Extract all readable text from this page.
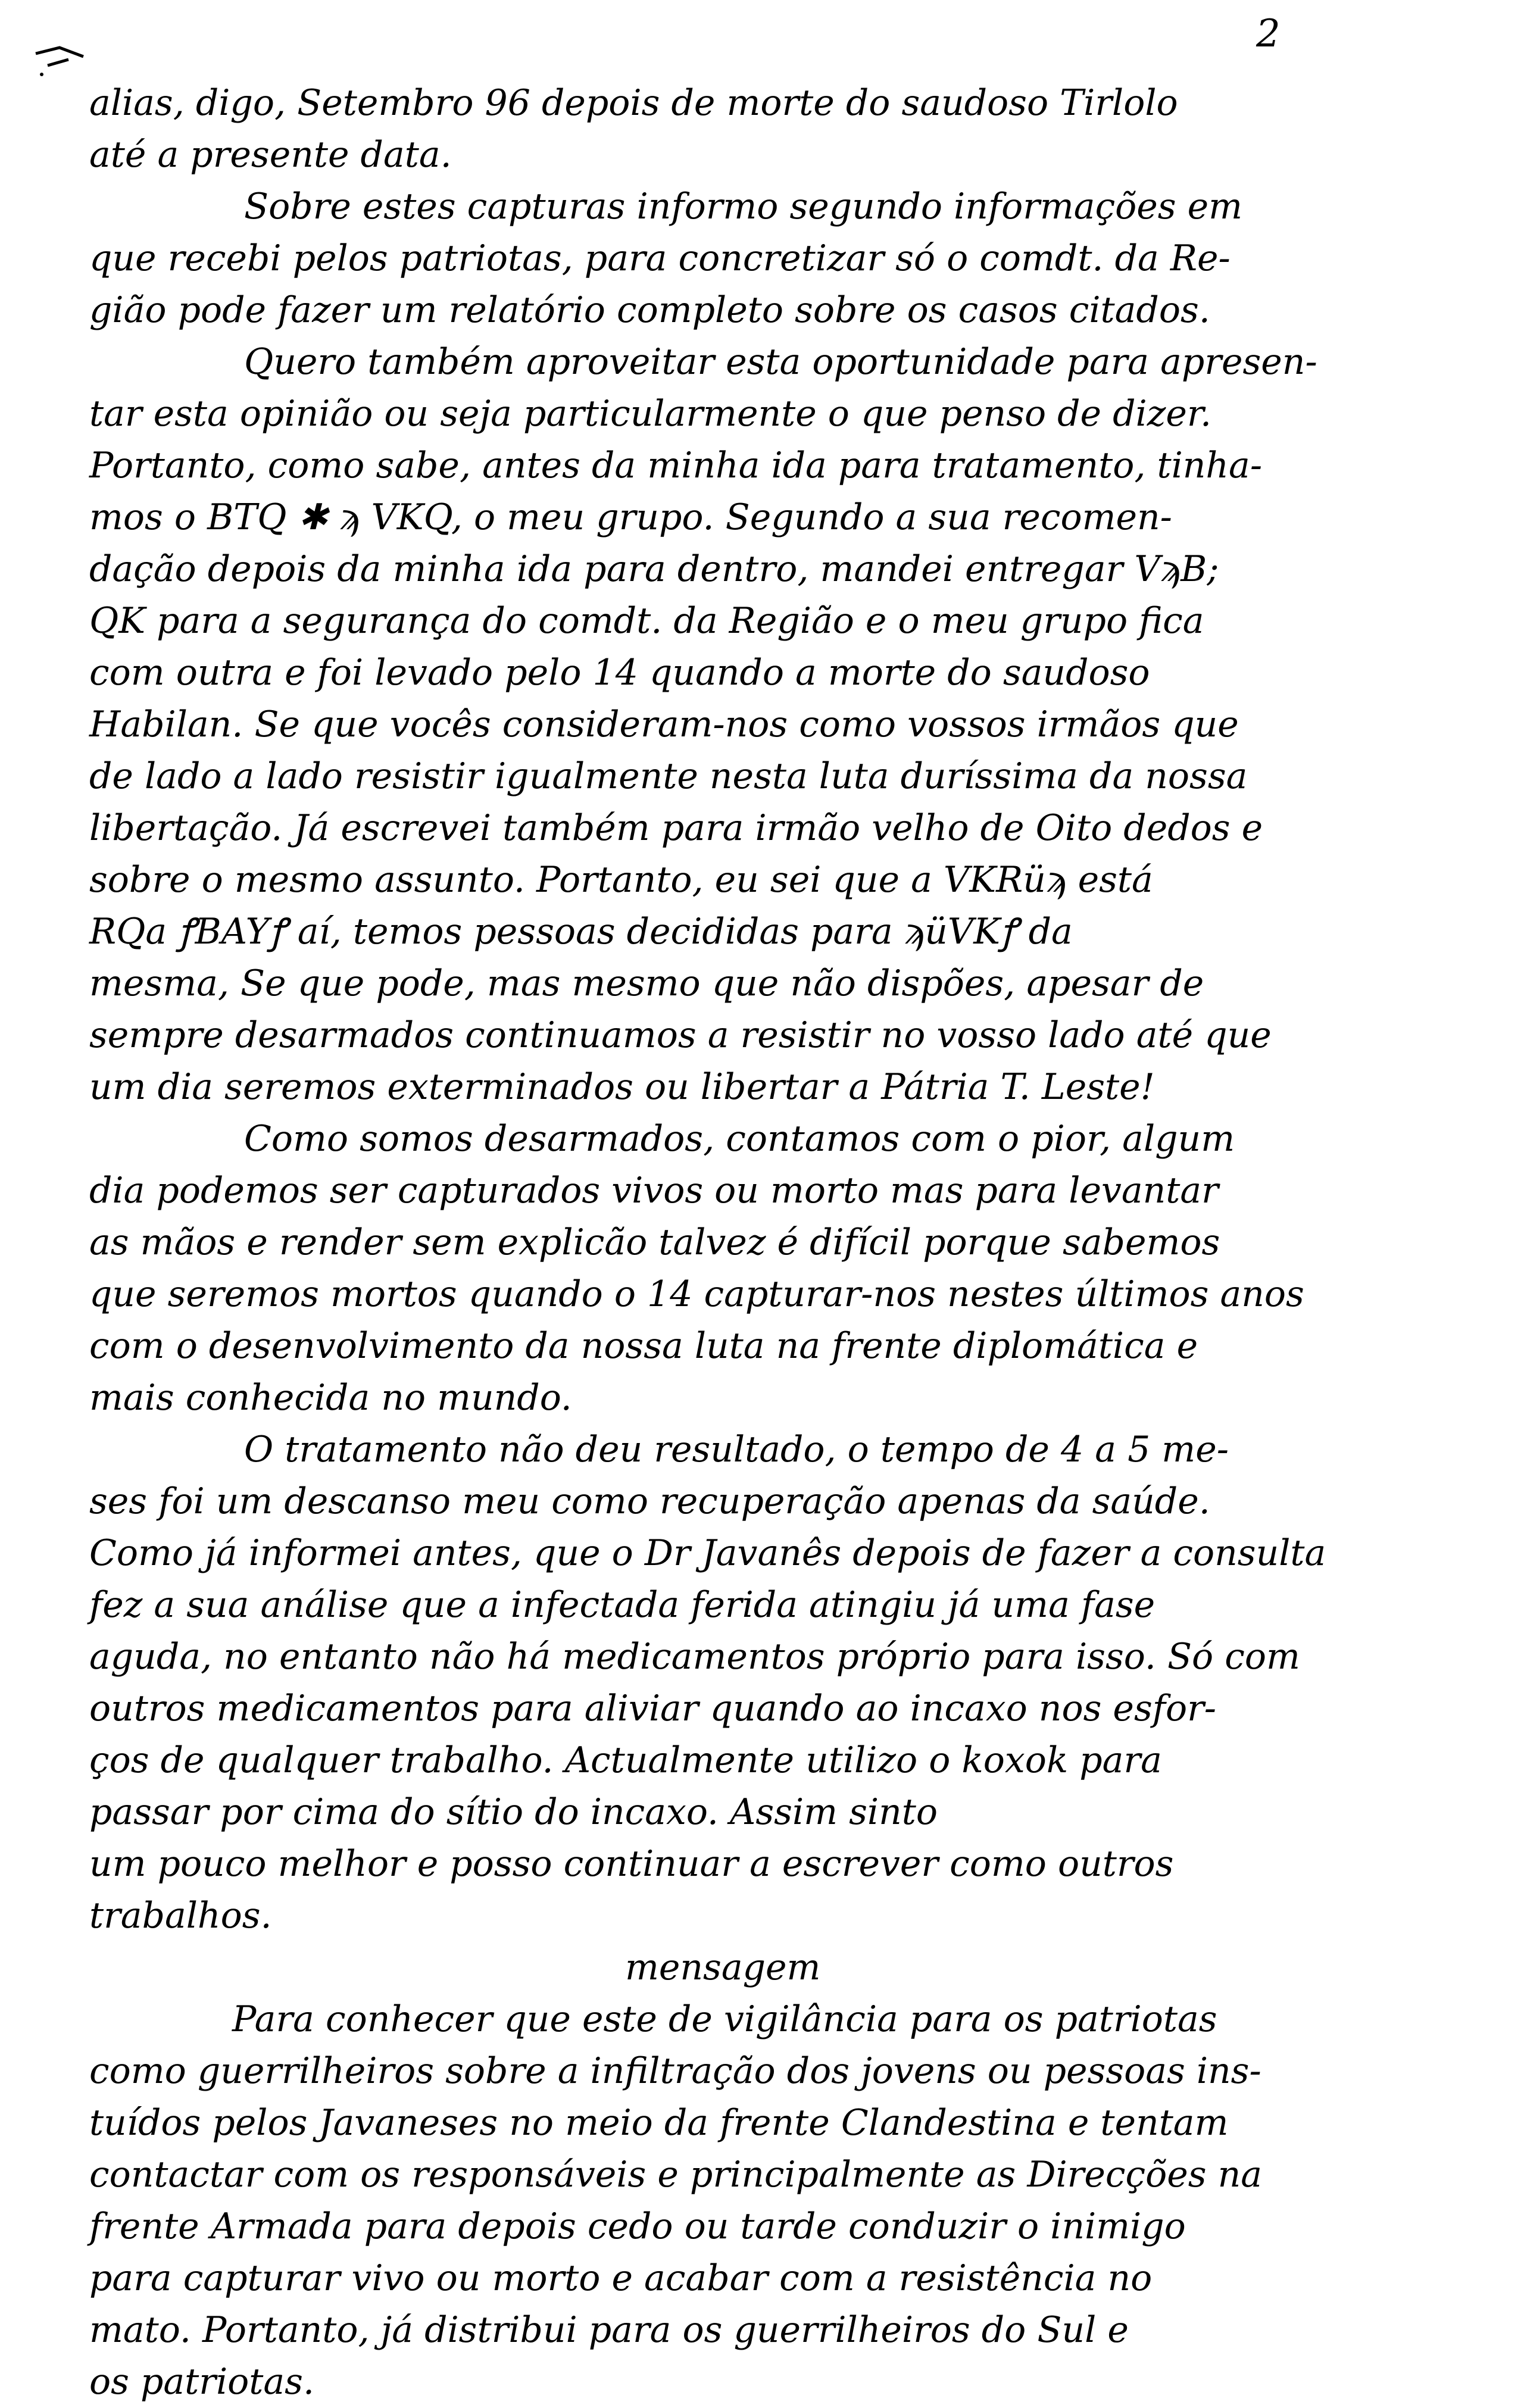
2
alias, digo, Setembro 96 depois de morte do saudoso Tirlolo
até a presente data.
Sobre estes capturas informo segundo informações em
que recebi pelos patriotas, para concretizar só o comdt. da Re-
gião pode fazer um relatório completo sobre os casos citados.
Quero também aproveitar esta oportunidade para apresen-
tar esta opinião ou seja particularmente o que penso de dizer.
Portanto, como sabe, antes da minha ida para tratamento, tinha-
mos o BTQ ✱ ϡ VKQ, o meu grupo. Segundo a sua recomen-
dação depois da minha ida para dentro, mandei entregar VϡB;
QK para a segurança do comdt. da Região e o meu grupo fica
com outra e foi levado pelo 14 quando a morte do saudoso
Habilan. Se que vocês consideram-nos como vossos irmãos que
de lado a lado resistir igualmente nesta luta duríssima da nossa
libertação. Já escrevei também para irmão velho de Oito dedos e
sobre o mesmo assunto. Portanto, eu sei que a VKRüϡ está
RQa ꝭBAYꝭ aí, temos pessoas decididas para ϡüVKꝭ da
mesma, Se que pode, mas mesmo que não dispões, apesar de
sempre desarmados continuamos a resistir no vosso lado até que
um dia seremos exterminados ou libertar a Pátria T. Leste!
Como somos desarmados, contamos com o pior, algum
dia podemos ser capturados vivos ou morto mas para levantar
as mãos e render sem explicão talvez é difícil porque sabemos
que seremos mortos quando o 14 capturar-nos nestes últimos anos
com o desenvolvimento da nossa luta na frente diplomática e
mais conhecida no mundo.
O tratamento não deu resultado, o tempo de 4 a 5 me-
ses foi um descanso meu como recuperação apenas da saúde.
Como já informei antes, que o Dr Javanês depois de fazer a consulta
fez a sua análise que a infectada ferida atingiu já uma fase
aguda, no entanto não há medicamentos próprio para isso. Só com
outros medicamentos para aliviar quando ao incaxo nos esfor-
ços de qualquer trabalho. Actualmente utilizo o koxok para
passar por cima do sítio do incaxo. Assim sinto
um pouco melhor e posso continuar a escrever como outros
trabalhos.
mensagem
Para conhecer que este de vigilância para os patriotas
como guerrilheiros sobre a infiltração dos jovens ou pessoas ins-
tuídos pelos Javaneses no meio da frente Clandestina e tentam
contactar com os responsáveis e principalmente as Direcções na
frente Armada para depois cedo ou tarde conduzir o inimigo
para capturar vivo ou morto e acabar com a resistência no
mato. Portanto, já distribui para os guerrilheiros do Sul e
os patriotas.
